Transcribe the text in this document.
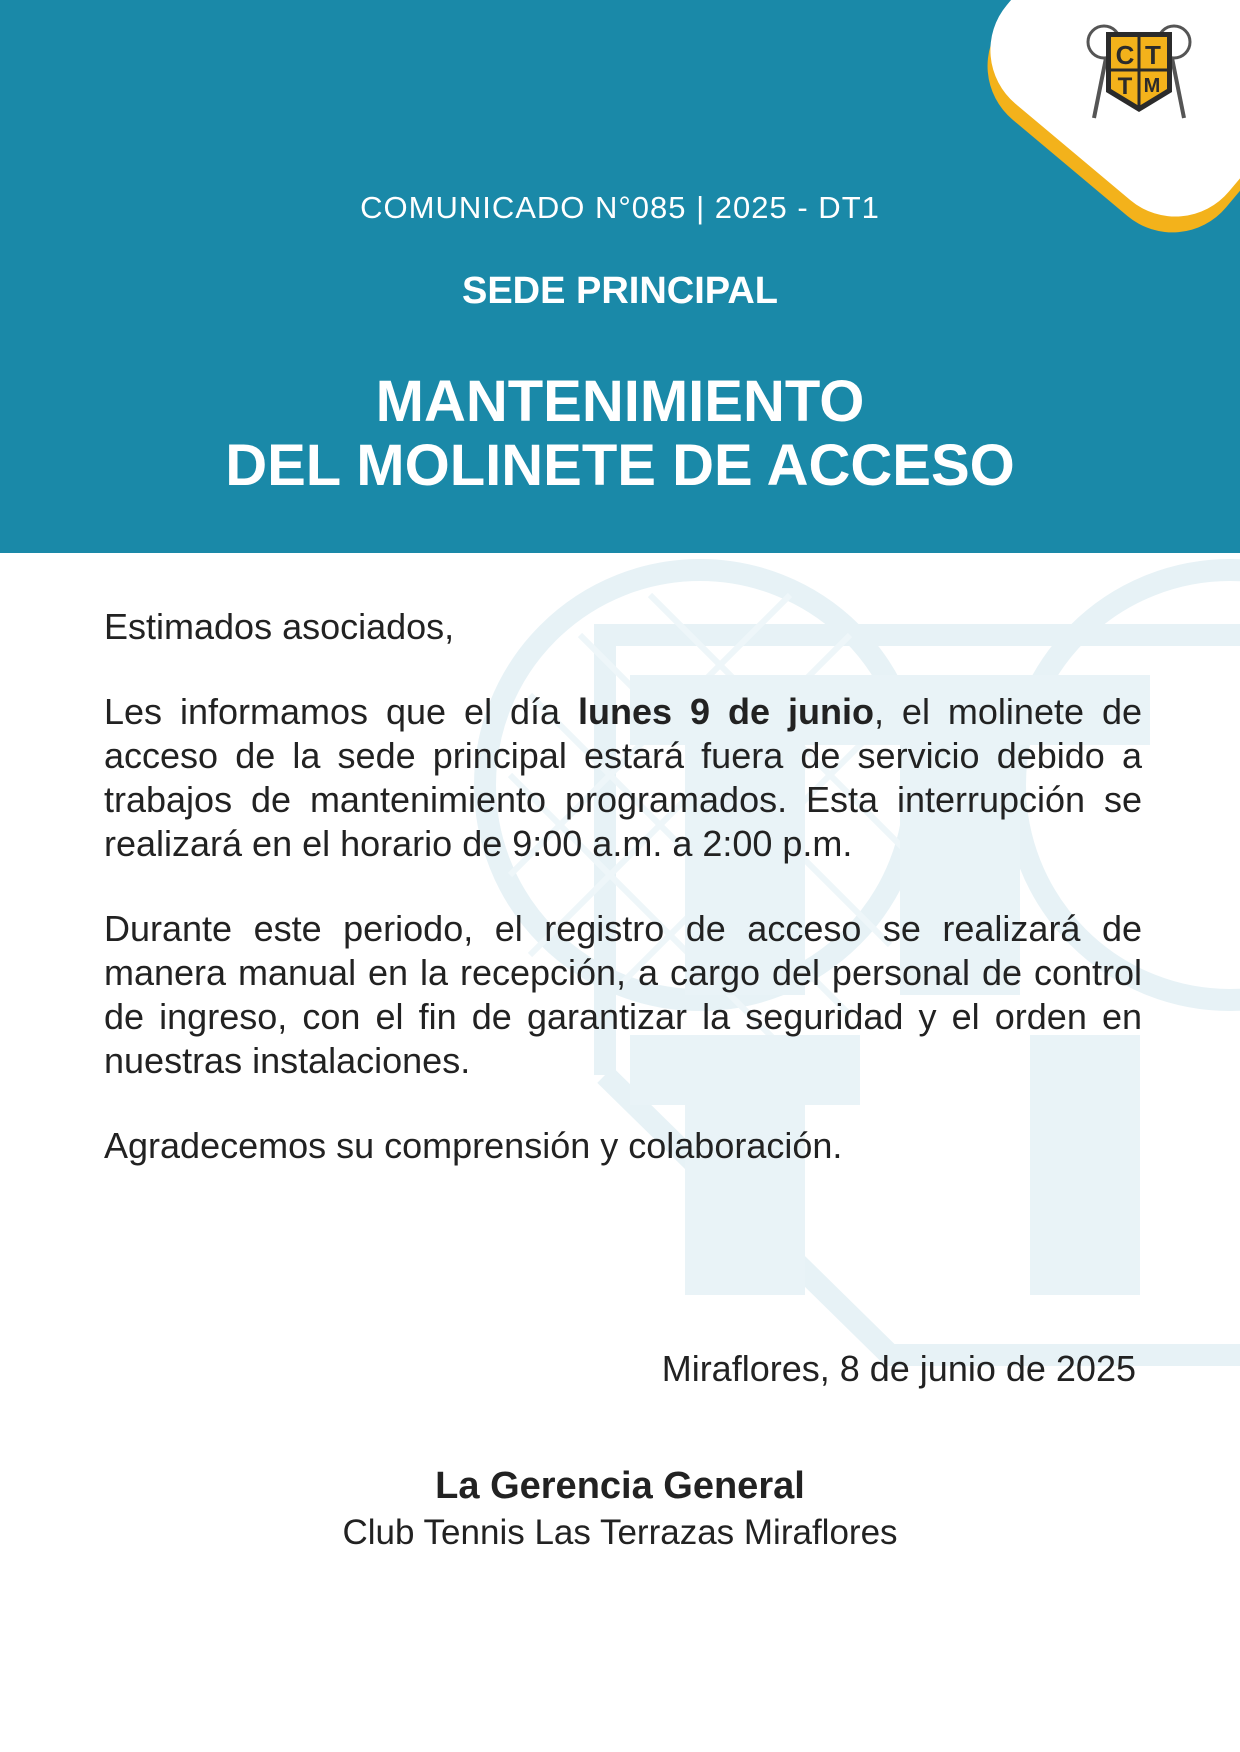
C T
T M
COMUNICADO N°085 | 2025 - DT1
SEDE PRINCIPAL
MANTENIMIENTO
DEL MOLINETE DE ACCESO

Estimados asociados,

Les informamos que el día lunes 9 de junio, el molinete de acceso de la sede principal estará fuera de servicio debido a trabajos de mantenimiento programados. Esta interrupción se realizará en el horario de 9:00 a.m. a 2:00 p.m.

Durante este periodo, el registro de acceso se realizará de manera manual en la recepción, a cargo del personal de control de ingreso, con el fin de garantizar la seguridad y el orden en nuestras instalaciones.

Agradecemos su comprensión y colaboración.

Miraflores, 8 de junio de 2025
La Gerencia General
Club Tennis Las Terrazas Miraflores
